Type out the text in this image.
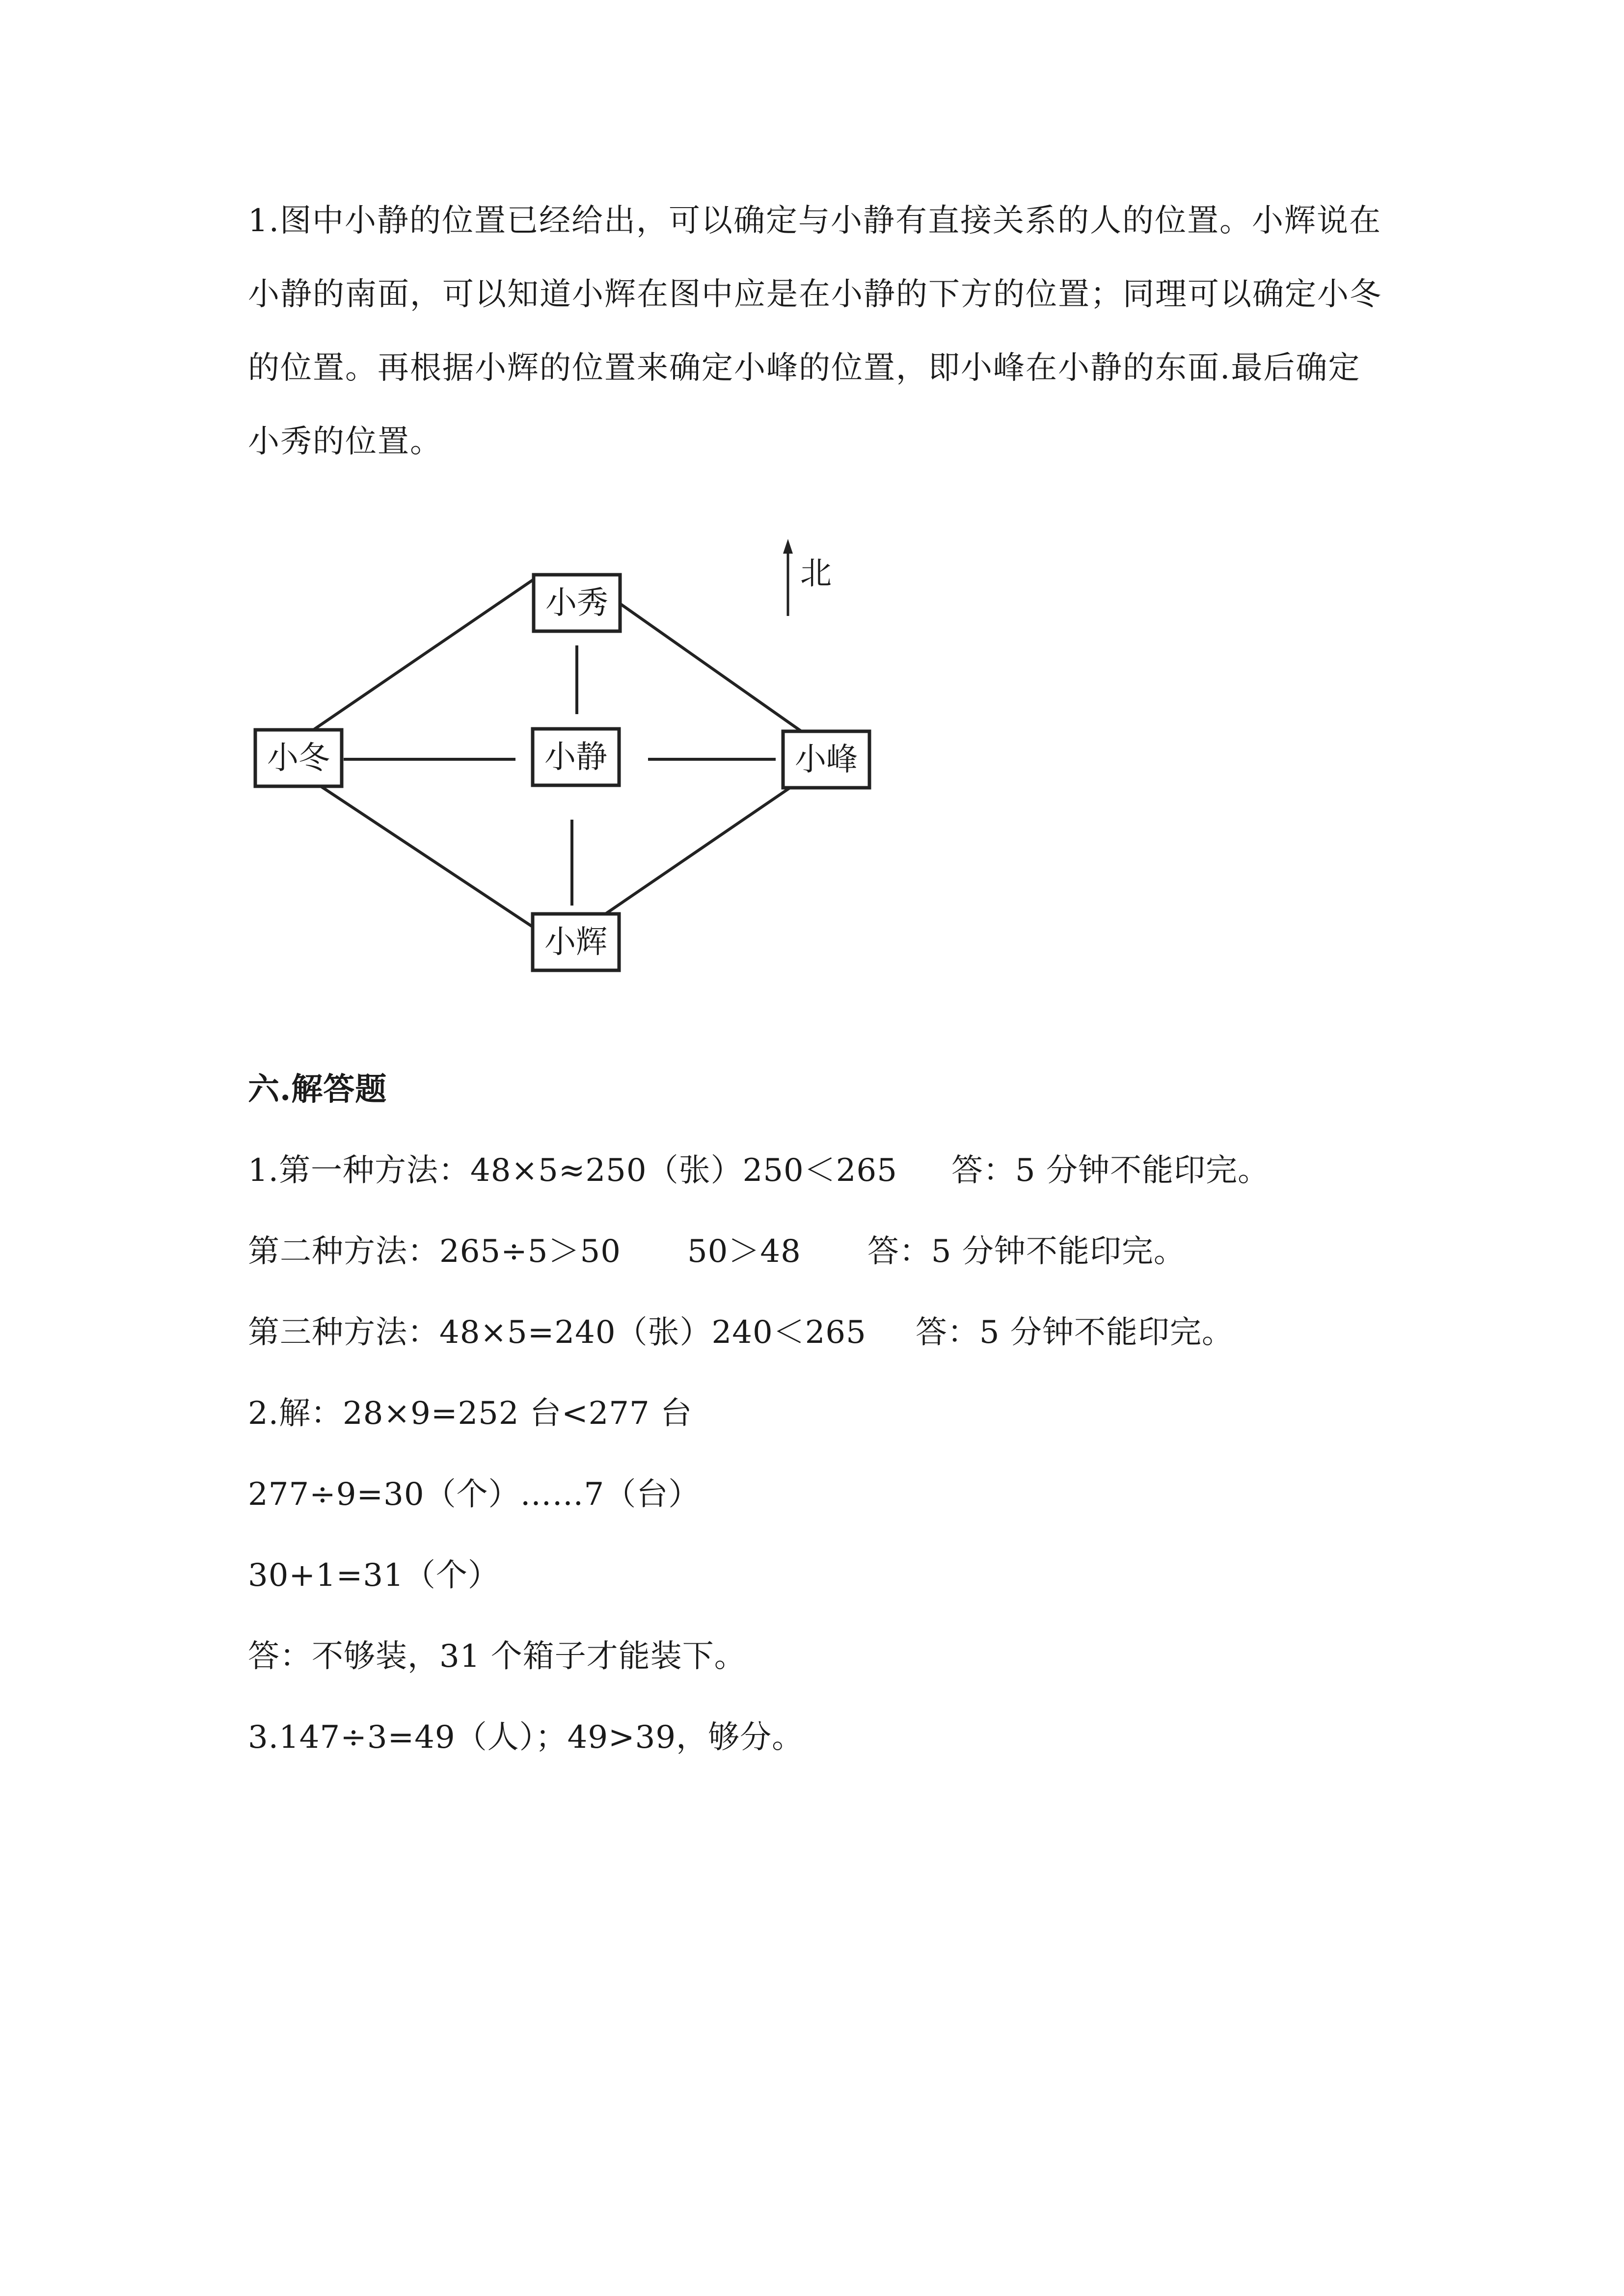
1.图中小静的位置已经给出，可以确定与小静有直接关系的人的位置。小辉说在小静的南面，可以知道小辉在图中应是在小静的下方的位置；同理可以确定小冬的位置。再根据小辉的位置来确定小峰的位置，即小峰在小静的东面.最后确定小秀的位置。

北
小秀
小冬	小静	小峰
小辉

六.解答题

1.第一种方法：48×5≈250（张）250＜265 答：5 分钟不能印完。

第二种方法：265÷5＞50 50＞48 答：5 分钟不能印完。

第三种方法：48×5=240（张）240＜265 答：5 分钟不能印完。

2.解：28×9=252 台<277 台

277÷9=30（个）……7（台）

30+1=31（个）

答：不够装，31 个箱子才能装下。

3.147÷3=49（人）；49>39，够分。
